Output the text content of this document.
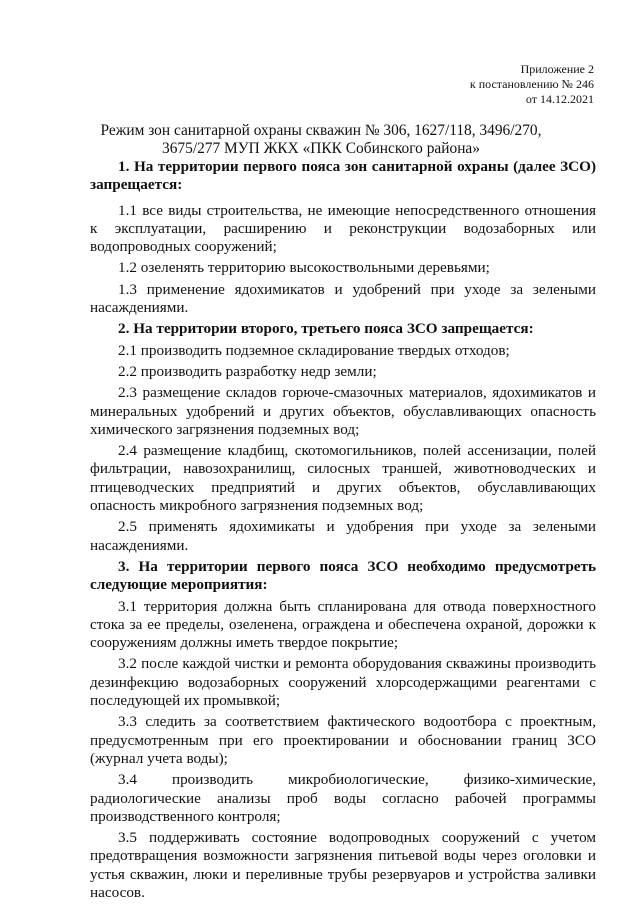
Приложение 2
к постановлению № 246
от 14.12.2021
Режим зон санитарной охраны скважин № 306, 1627/118, 3496/270,
3675/277 МУП ЖКХ «ПКК Собинского района»

1. На территории первого пояса зон санитарной охраны (далее ЗСО) запрещается:

1.1 все виды строительства, не имеющие непосредственного отношения к эксплуатации, расширению и реконструкции водозаборных или водопроводных сооружений;

1.2 озеленять территорию высокоствольными деревьями;

1.3 применение ядохимикатов и удобрений при уходе за зелеными насаждениями.

2. На территории второго, третьего пояса ЗСО запрещается:

2.1 производить подземное складирование твердых отходов;

2.2 производить разработку недр земли;

2.3 размещение складов горюче-смазочных материалов, ядохимикатов и минеральных удобрений и других объектов, обуславливающих опасность химического загрязнения подземных вод;

2.4 размещение кладбищ, скотомогильников, полей ассенизации, полей фильтрации, навозохранилищ, силосных траншей, животноводческих и птицеводческих предприятий и других объектов, обуславливающих опасность микробного загрязнения подземных вод;

2.5 применять ядохимикаты и удобрения при уходе за зелеными насаждениями.

3. На территории первого пояса ЗСО необходимо предусмотреть следующие мероприятия:

3.1 территория должна быть спланирована для отвода поверхностного стока за ее пределы, озеленена, ограждена и обеспечена охраной, дорожки к сооружениям должны иметь твердое покрытие;

3.2 после каждой чистки и ремонта оборудования скважины производить дезинфекцию водозаборных сооружений хлорсодержащими реагентами с последующей их промывкой;

3.3 следить за соответствием фактического водоотбора с проектным, предусмотренным при его проектировании и обосновании границ ЗСО (журнал учета воды);

3.4 производить микробиологические, физико-химические, радиологические анализы проб воды согласно рабочей программы производственного контроля;

3.5 поддерживать состояние водопроводных сооружений с учетом предотвращения возможности загрязнения питьевой воды через оголовки и устья скважин, люки и переливные трубы резервуаров и устройства заливки насосов.
